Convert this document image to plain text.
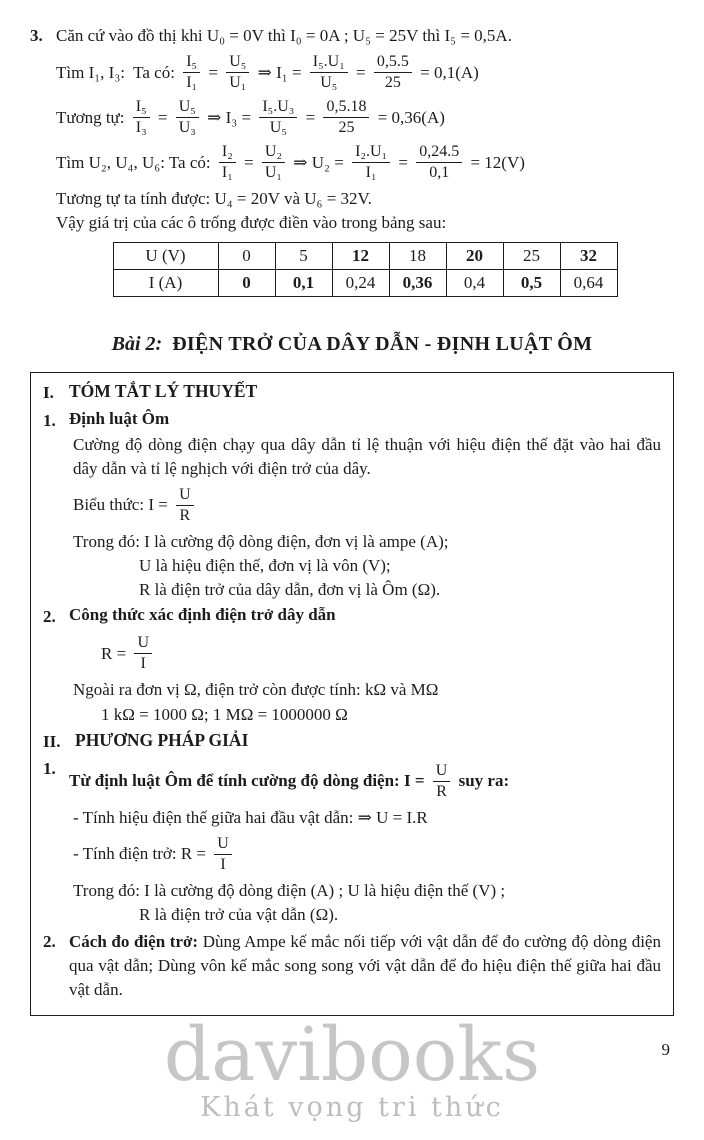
3. Căn cứ vào đồ thị khi U₀ = 0V thì I₀ = 0A ; U₅ = 25V thì I₅ = 0,5A.

Tìm I₁, I₃:  Ta có: $\frac{\text{I₅}}{\text{I₁}} = \frac{\text{U₅}}{\text{U₁}}$ ⇒ $I_1 = \frac{\text{I₅.U₁}}{\text{U₅}} = \frac{0,5.5}{25} = 0,1(A)$

Tương tự: $\frac{\text{I₅}}{\text{I₃}} = \frac{\text{U₅}}{\text{U₃}}$ ⇒ $I_3 = \frac{\text{I₅.U₃}}{\text{U₅}} = \frac{0,5.18}{25} = 0,36(A)$

Tìm U₂, U₄, U₆: Ta có: $\frac{\text{I₂}}{\text{I₁}} = \frac{\text{U₂}}{\text{U₁}}$ ⇒ $U_2 = \frac{\text{I₂.U₁}}{\text{I₁}} = \frac{0,24.5}{0,1} = 12(V)$

Tương tự ta tính được: U₄ = 20V và U₆ = 32V.

Vậy giá trị của các ô trống được điền vào trong bảng sau:

U (V)	0	5	12	18	20	25	32
I (A)	0	0,1	0,24	0,36	0,4	0,5	0,64
Bài 2: ĐIỆN TRỞ CỦA DÂY DẪN - ĐỊNH LUẬT ÔM
I. TÓM TẮT LÝ THUYẾT
1. Định luật Ôm

Cường độ dòng điện chạy qua dây dẫn tỉ lệ thuận với hiệu điện thế đặt vào hai đầu dây dẫn và tỉ lệ nghịch với điện trở của dây.

Biểu thức: $I = \frac{U}{R}$

Trong đó: I là cường độ dòng điện, đơn vị là ampe (A);

U là hiệu điện thế, đơn vị là vôn (V);

R là điện trở của dây dẫn, đơn vị là Ôm (Ω).

2. Công thức xác định điện trở dây dẫn

$R = \frac{U}{I}$

Ngoài ra đơn vị Ω, điện trở còn được tính: kΩ và MΩ

1 kΩ = 1000 Ω; 1 MΩ = 1000000 Ω

II. PHƯƠNG PHÁP GIẢI
1.

Từ định luật Ôm để tính cường độ dòng điện: $I = \frac{U}{R}$ suy ra:

- Tính hiệu điện thế giữa hai đầu vật dẫn: ⇒ U = I.R

- Tính điện trở: $R = \frac{U}{I}$

Trong đó: I là cường độ dòng điện (A) ; U là hiệu điện thế (V) ;

R là điện trở của vật dẫn (Ω).

2. Cách đo điện trở: Dùng Ampe kế mắc nối tiếp với vật dẫn để đo cường độ dòng điện qua vật dẫn; Dùng vôn kế mắc song song với vật dẫn để đo hiệu điện thế giữa hai đầu vật dẫn.

davibooks
Khát vọng tri thức
9
